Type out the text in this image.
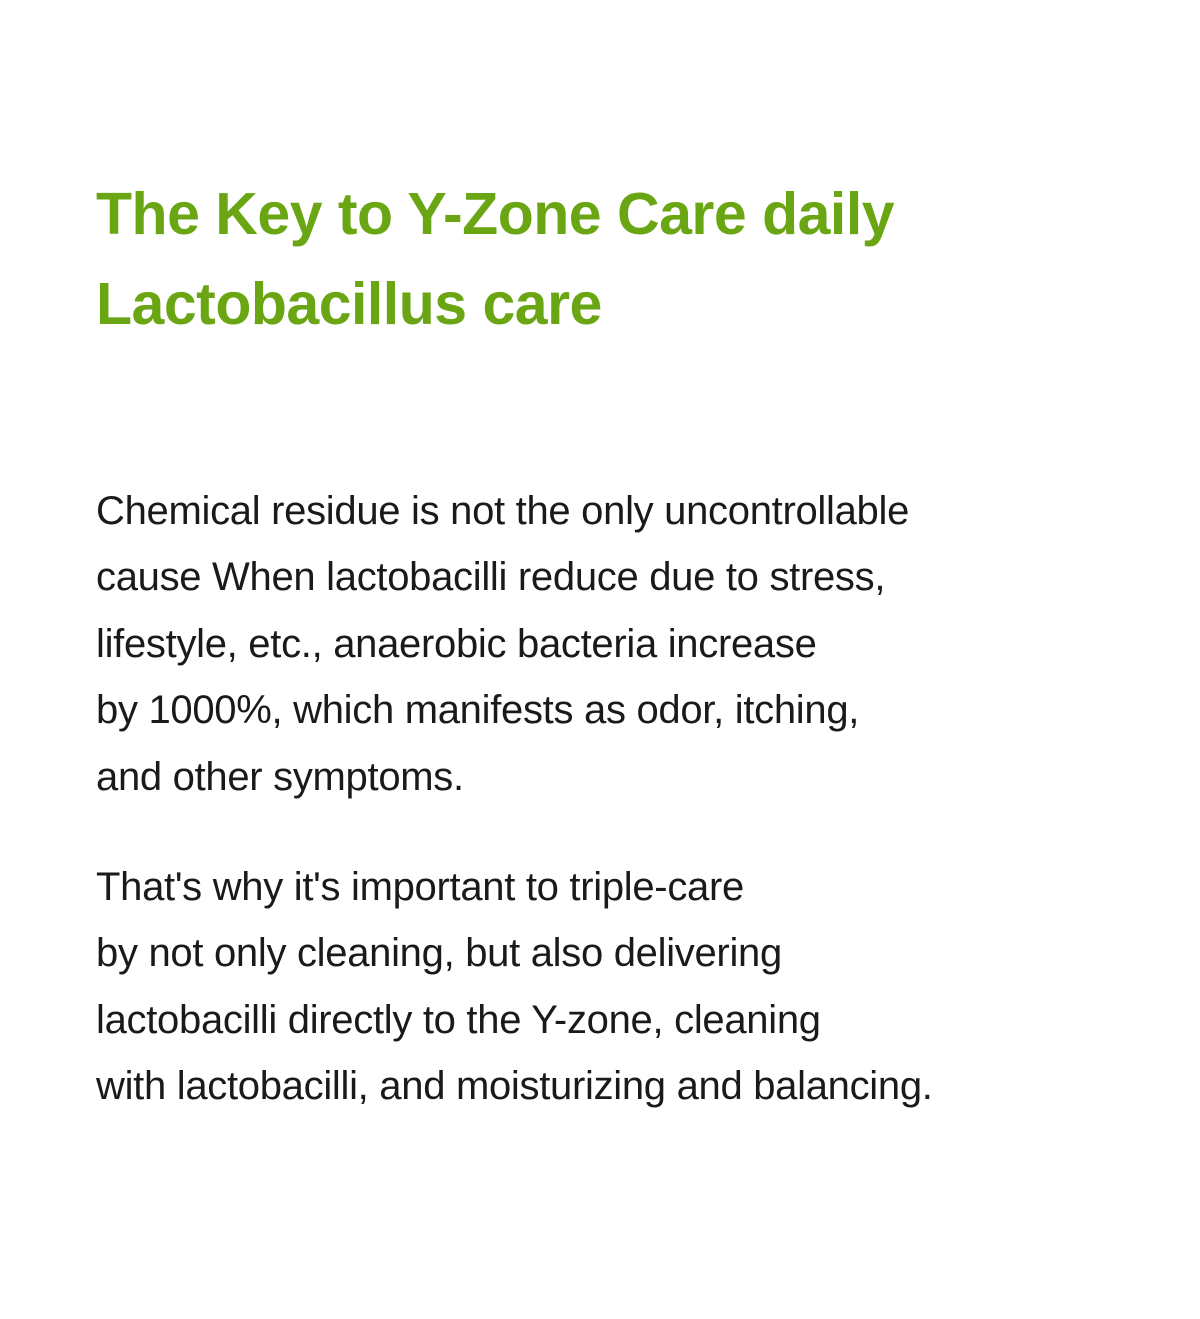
The Key to Y-Zone Care daily
Lactobacillus care

Chemical residue is not the only uncontrollable
cause When lactobacilli reduce due to stress,
lifestyle, etc., anaerobic bacteria increase
by 1000%, which manifests as odor, itching,
and other symptoms.

That's why it's important to triple-care
by not only cleaning, but also delivering
lactobacilli directly to the Y-zone, cleaning
with lactobacilli, and moisturizing and balancing.
